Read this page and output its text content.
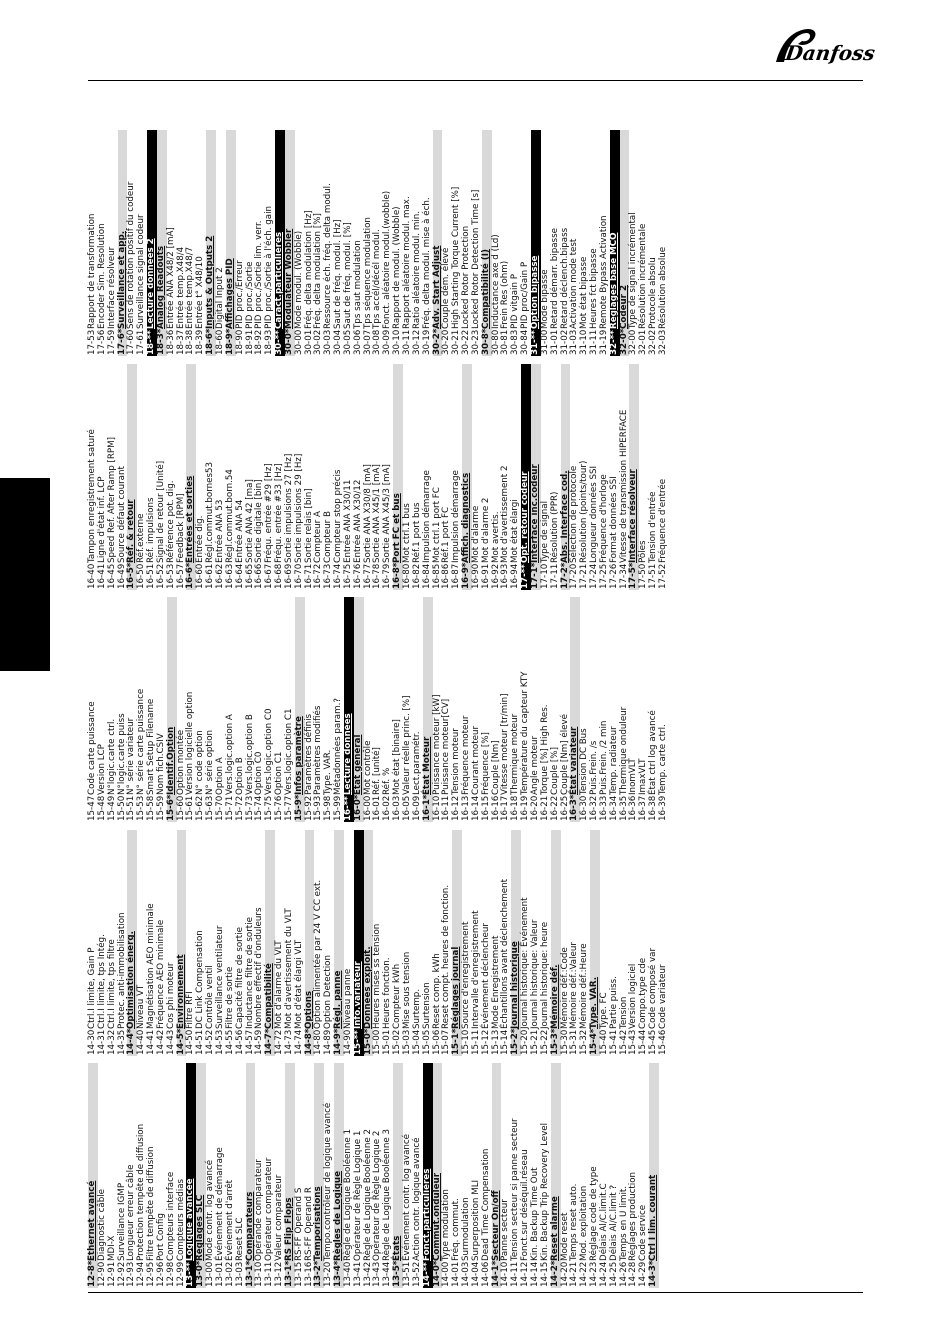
Danfoss
12-8*
Ethernet avancé
12-90
Diagnostic câble
12-91
MDI-X
12-92
Surveillance IGMP
12-93
Longueur erreur câble
12-94
Protection tempête de diffusion
12-95
Filtre tempête de diffusion
12-96
Port Config
12-98
Compteurs interface
12-99
Compteurs médias
13-**
Logique avancée
13-0*
Réglages SLC
13-00
Mode contr. log avancé
13-01
Événement de démarrage
13-02
Événement d'arrêt
13-03
Reset SLC
13-1*
Comparateurs
13-10
Opérande comparateur
13-11
Opérateur comparateur
13-12
Valeur comparateur
13-1*
RS Flip Flops
13-15
RS-FF Operand S
13-16
RS-FF Operand R
13-2*
Temporisations
13-20
Tempo.contrôleur de logique avancé
13-4*
Règles de Logique
13-40
Règle de Logique Booléenne 1
13-41
Opérateur de Règle Logique 1
13-42
Règle de Logique Booléenne 2
13-43
Opérateur de Règle Logique 2
13-44
Règle de Logique Booléenne 3
13-5*
États
13-51
Événement contr. log avancé
13-52
Action contr. logique avancé
14-**
Fonct.particulières
14-0*
Commut.onduleur
14-00
Type modulation
14-01
Fréq. commut.
14-03
Surmodulation
14-04
Surperposition MLI
14-06
Dead Time Compensation
14-1*
Secteur On/off
14-10
Panne secteur
14-11
Tension secteur si panne secteur
14-12
Fonct.sur déséquil.réseau
14-14
Kin. Backup Time Out
14-15
Kin. Backup Trip Recovery Level
14-2*
Reset alarme
14-20
Mode reset
14-21
Temps reset auto.
14-22
Mod. exploitation
14-23
Réglage code de type
14-24
Délais Al/C.limit.C
14-25
Délais Al/C.limit ?
14-26
Temps en U limit.
14-28
Réglages production
14-29
Code service
14-3*
Ctrl I lim. courant
14-30
Ctrl.I limite, Gain P
14-31
Ctrl.I limite, tps Intég.
14-32
Ctrl.I limite, tps filtre
14-35
Protec. anti-immobilisation
14-4*
Optimisation énerg.
14-40
Niveau VT
14-41
Magnétisation AEO minimale
14-42
Fréquence AEO minimale
14-43
Cos phi moteur
14-5*
Environnement
14-50
Filtre RFI
14-51
DC Link Compensation
14-52
Contrôle ventil
14-53
Surveillance ventilateur
14-55
Filtre de sortie
14-56
Capacité filtre de sortie
14-57
Inductance filtre de sortie
14-59
Nombre effectif d'onduleurs
14-7*
Compatibilité
14-72
Mot d'alarme du VLT
14-73
Mot d'avertissement du VLT
14-74
Mot d'état élargi VLT
14-8*
Options
14-80
Option alimentée par 24 V CC ext.
14-89
Option Detection
14-9*
Régl. panne
14-90
Niveau panne
15-**
Info.variateur
15-0*
Données exploit.
15-00
Heures mises ss tension
15-01
Heures fonction.
15-02
Compteur kWh
15-03
Mise sous tension
15-04
Surtemp.
15-05
Surtension
15-06
Reset comp. kWh
15-07
Reset compt. heures de fonction.
15-1*
Réglages journal
15-10
Source d'enregistrement
15-11
Intervalle d'enregistrement
15-12
Événement déclencheur
15-13
Mode Enregistrement
15-14
Échantillons avant déclenchement
15-2*
Journal historique
15-20
Journal historique: Événement
15-21
Journal historique: Valeur
15-22
Journal historique: heure
15-3*
Mémoire déf.
15-30
Mémoire déf.:Code
15-31
Mémoire déf.:Valeur
15-32
Mémoire déf.:Heure
15-4*
Type. VAR.
15-40
Type. FC
15-41
Partie puiss.
15-42
Tension
15-43
Version logiciel
15-44
Compo.type cde
15-45
Code composé var
15-46
Code variateur
15-47
Code carte puissance
15-48
Version LCP
15-49
N°logic.carte ctrl.
15-50
N°logic.carte puiss
15-51
N° série variateur
15-53
N° série carte puissance
15-58
Smart Setup Filename
15-59
Nom fich.CSIV
15-6*
Identif.Option
15-60
Option montée
15-61
Version logicielle option
15-62
N° code option
15-63
N° série option
15-70
Option A
15-71
Vers.logic.option A
15-72
Option B
15-73
Vers.logic.option B
15-74
Option C0
15-75
Vers.logic.option C0
15-76
Option C1
15-77
Vers.logic.option C1
15-9*
Infos paramètre
15-92
Paramètres définis
15-93
Paramètres modifiés
15-98
Type. VAR.
15-99
Métadonnées param.?
16-**
Lecture données
16-0*
État général
16-00
Mot contrôle
16-01
Réf. [unité]
16-02
Réf. %
16-03
Mot état [binaire]
16-05
Valeur réelle princ. [%]
16-09
Lect.paramétr.
16-1*
État Moteur
16-10
Puissance moteur [kW]
16-11
Puissance moteur[CV]
16-12
Tension moteur
16-13
Fréquence moteur
16-14
Courant moteur
16-15
Fréquence [%]
16-16
Couple [Nm]
16-17
Vitesse moteur [tr/min]
16-18
Thermique moteur
16-19
Température du capteur KTY
16-20
Angle moteur
16-21
Torque [%] High Res.
16-22
Couple [%]
16-25
Couple [Nm] élevé
16-3*
État variateur
16-30
Tension DC Bus
16-32
Puis.Frein. /s
16-33
Puis.Frein. /2 min
16-34
Temp. radiateur
16-35
Thermique onduleur
16-36
InomVLT
16-37
ImaxVLT
16-38
État ctrl log avancé
16-39
Temp. carte ctrl.
16-40
Tampon enregistrement saturé
16-41
Ligne d'état inf. LCP
16-45
Speed Ref. After Ramp [RPM]
16-49
Source défaut courant
16-5*
Réf. & retour
16-50
Réf.externe
16-51
Réf. impulsions
16-52
Signal de retour [Unité]
16-53
Référence pot. dig.
16-57
Feedback [RPM]
16-6*
Entrées et sorties
16-60
Entrée dig.
16-61
Régl.commut.bornes53
16-62
Entrée ANA 53
16-63
Régl.commut.born.54
16-64
Entrée ANA 54
16-65
Sortie ANA 42 [ma]
16-66
Sortie digitale [bin]
16-67
Fréqu. entrée #29 [Hz]
16-68
Fréqu. entrée #33 [Hz]
16-69
Sortie impulsions 27 [Hz]
16-70
Sortie impulsions 29 [Hz]
16-71
Sortie relais [bin]
16-72
Compteur A
16-73
Compteur B
16-74
Compteur stop précis
16-75
Entrée ANA X30/11
16-76
Entrée ANA X30/12
16-77
Sortie ANA X30/8 [mA]
16-78
Sortie ANA X45/1 [mA]
16-79
Sortie ANA X45/3 [mA]
16-8*
Port FC et bus
16-80
Mot ctrl.1 bus
16-82
Réf.1 port bus
16-84
Impulsion démarrage
16-85
Mot ctrl.1 port FC
16-86
Réf.1 port FC
16-87
Impulsion démarrage
16-9*
Affich. diagnostics
16-90
Mot d'alarme
16-91
Mot d'alarme 2
16-92
Mot avertis.
16-93
Mot d'avertissement 2
16-94
Mot état élargi
17-**
Opt. retour codeur
17-1*
Interface inc.codeur
17-10
Type de signal
17-11
Résolution (PPR)
17-2*
Abs. Interface cod.
17-20
Sélection de protocole
17-21
Résolution (points/tour)
17-24
Longueur données SSI
17-25
Fréquence d'horloge
17-26
Format données SSI
17-34
Vitesse de transmission HIPERFACE
17-5*
Interface résolveur
17-50
Pôles
17-51
Tension d'entrée
17-52
Fréquence d'entrée
17-53
Rapport de transformation
17-56
Encoder Sim. Resolution
17-59
Interface résolveur
17-6*
Surveillance et app.
17-60
Sens de rotation positif du codeur
17-61
Surveillance signal codeur
18-**
Lecture données 2
18-3*
Analog Readouts
18-36
Entrée ANA X48/2 [mA]
18-37
Entrée temp.X48/4
18-38
Entrée temp.X48/7
18-39
Entrée t° X48/10
18-6*
Inputs & Outputs 2
18-60
Digital Input 2
18-9*
Affichages PID
18-90
PID proc./Erreur
18-91
PID proc./Sortie
18-92
PID proc./Sortie lim. verr.
18-93
PID proc./Sortie à l'éch. gain
30-**
Caract.particulières
30-0*
Modulateur Wobbler
30-00
Mode modul. (Wobble)
30-01
Fréq. delta modulation [Hz]
30-02
Fréq. delta modulation [%]
30-03
Ressource éch. fréq. delta modul.
30-04
Saut de fréq. modul. [Hz]
30-05
Saut de fréq. modul. [%]
30-06
Tps saut modulation
30-07
Tps séquence modulation
30-08
Tps accél/décél modul.
30-09
Fonct. aléatoire modul.(wobble)
30-10
Rapport de modul. (Wobble)
30-11
Rapport aléatoire modul. max.
30-12
Ratio aléatoire modul. min.
30-19
Fréq. delta modul. mise à éch.
30-2*
Adv. Start Adjust
30-20
Couple dém. élevé
30-21
High Starting Torque Current [%]
30-22
Locked Rotor Protection
30-23
Locked Rotor Detection Time [s]
30-8*
Compatibilité (I)
30-80
Inductance axe d (Ld)
30-81
Frein Res (ohm)
30-83
PID vitgain P
30-84
PID proc/Gain P
31-**
Option bipasse
31-00
Mode bipasse
31-01
Retard démarr. bipasse
31-02
Retard déclench.bipass
31-03
Activation mode test
31-10
Mot état bipasse
31-11
Heures fct bipasse
31-19
Remote Bypass Activation
32-**
Réglages base MCO
32-0*
Codeur 2
32-00
Type de signal incrémental
32-01
Résolution incrémentale
32-02
Protocole absolu
32-03
Résolution absolue
